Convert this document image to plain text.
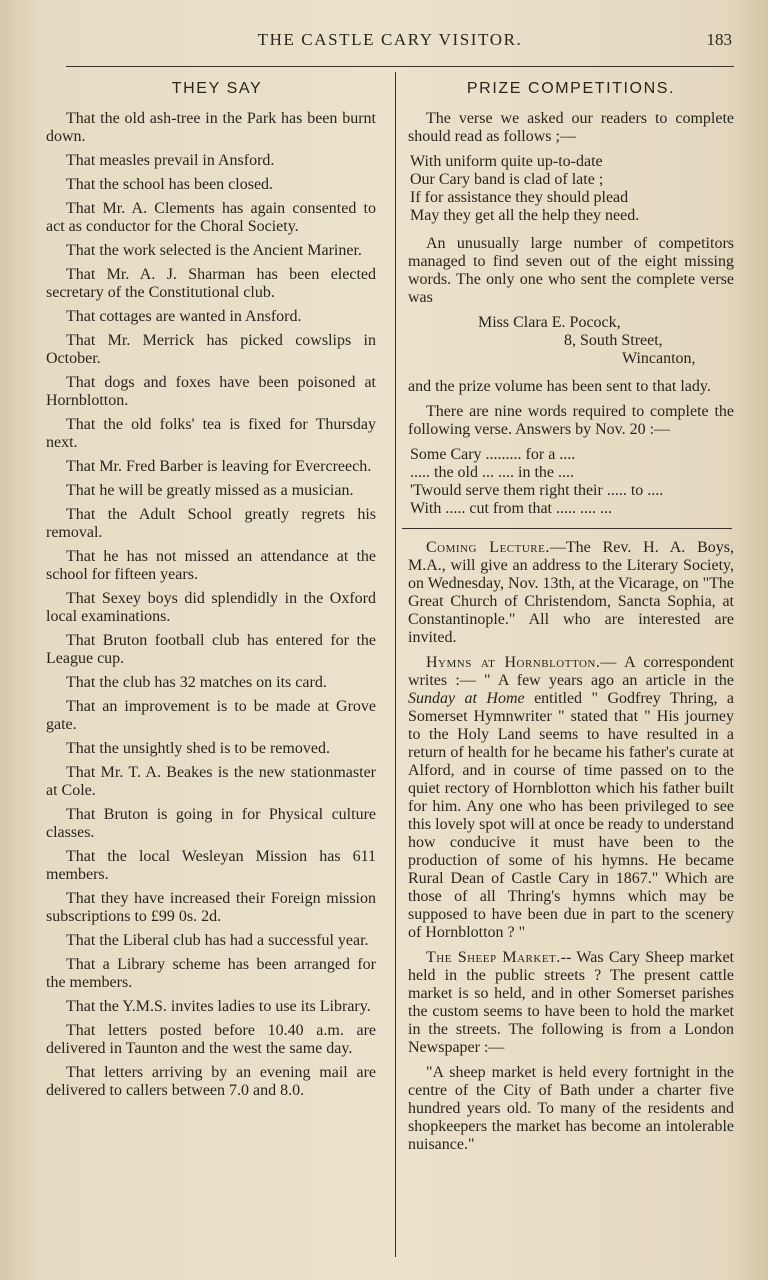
THE CASTLE CARY VISITOR.	183
THEY SAY

That the old ash-tree in the Park has been burnt down.

That measles prevail in Ansford.

That the school has been closed.

That Mr. A. Clements has again consented to act as conductor for the Choral Society.

That the work selected is the Ancient Mariner.

That Mr. A. J. Sharman has been elected secretary of the Constitutional club.

That cottages are wanted in Ansford.

That Mr. Merrick has picked cowslips in October.

That dogs and foxes have been poisoned at Hornblotton.

That the old folks' tea is fixed for Thursday next.

That Mr. Fred Barber is leaving for Evercreech.

That he will be greatly missed as a musician.

That the Adult School greatly regrets his removal.

That he has not missed an attendance at the school for fifteen years.

That Sexey boys did splendidly in the Oxford local examinations.

That Bruton football club has entered for the League cup.

That the club has 32 matches on its card.

That an improvement is to be made at Grove gate.

That the unsightly shed is to be removed.

That Mr. T. A. Beakes is the new stationmaster at Cole.

That Bruton is going in for Physical culture classes.

That the local Wesleyan Mission has 611 members.

That they have increased their Foreign mission subscriptions to £99 0s. 2d.

That the Liberal club has had a successful year.

That a Library scheme has been arranged for the members.

That the Y.M.S. invites ladies to use its Library.

That letters posted before 10.40 a.m. are delivered in Taunton and the west the same day.

That letters arriving by an evening mail are delivered to callers between 7.0 and 8.0.

PRIZE COMPETITIONS.

The verse we asked our readers to complete should read as follows ;—

With uniform quite up-to-date
Our Cary band is clad of late ;
If for assistance they should plead
May they get all the help they need.

An unusually large number of competitors managed to find seven out of the eight missing words. The only one who sent the complete verse was

Miss Clara E. Pocock,
8, South Street,
Wincanton,

and the prize volume has been sent to that lady.

There are nine words required to complete the following verse. Answers by Nov. 20 :—

Some Cary ......... for a ....
..... the old ... .... in the ....
'Twould serve them right their ..... to ....
With ..... cut from that ..... .... ...

Coming Lecture.—The Rev. H. A. Boys, M.A., will give an address to the Literary Society, on Wednesday, Nov. 13th, at the Vicarage, on "The Great Church of Christendom, Sancta Sophia, at Constantinople." All who are interested are invited.

Hymns at Hornblotton.— A correspondent writes :— " A few years ago an article in the Sunday at Home entitled " Godfrey Thring, a Somerset Hymnwriter " stated that " His journey to the Holy Land seems to have resulted in a return of health for he became his father's curate at Alford, and in course of time passed on to the quiet rectory of Hornblotton which his father built for him. Any one who has been privileged to see this lovely spot will at once be ready to understand how conducive it must have been to the production of some of his hymns. He became Rural Dean of Castle Cary in 1867." Which are those of all Thring's hymns which may be supposed to have been due in part to the scenery of Hornblotton ? "

The Sheep Market.-- Was Cary Sheep market held in the public streets ? The present cattle market is so held, and in other Somerset parishes the custom seems to have been to hold the market in the streets. The following is from a London Newspaper :—

"A sheep market is held every fortnight in the centre of the City of Bath under a charter five hundred years old. To many of the residents and shopkeepers the market has become an intolerable nuisance."
